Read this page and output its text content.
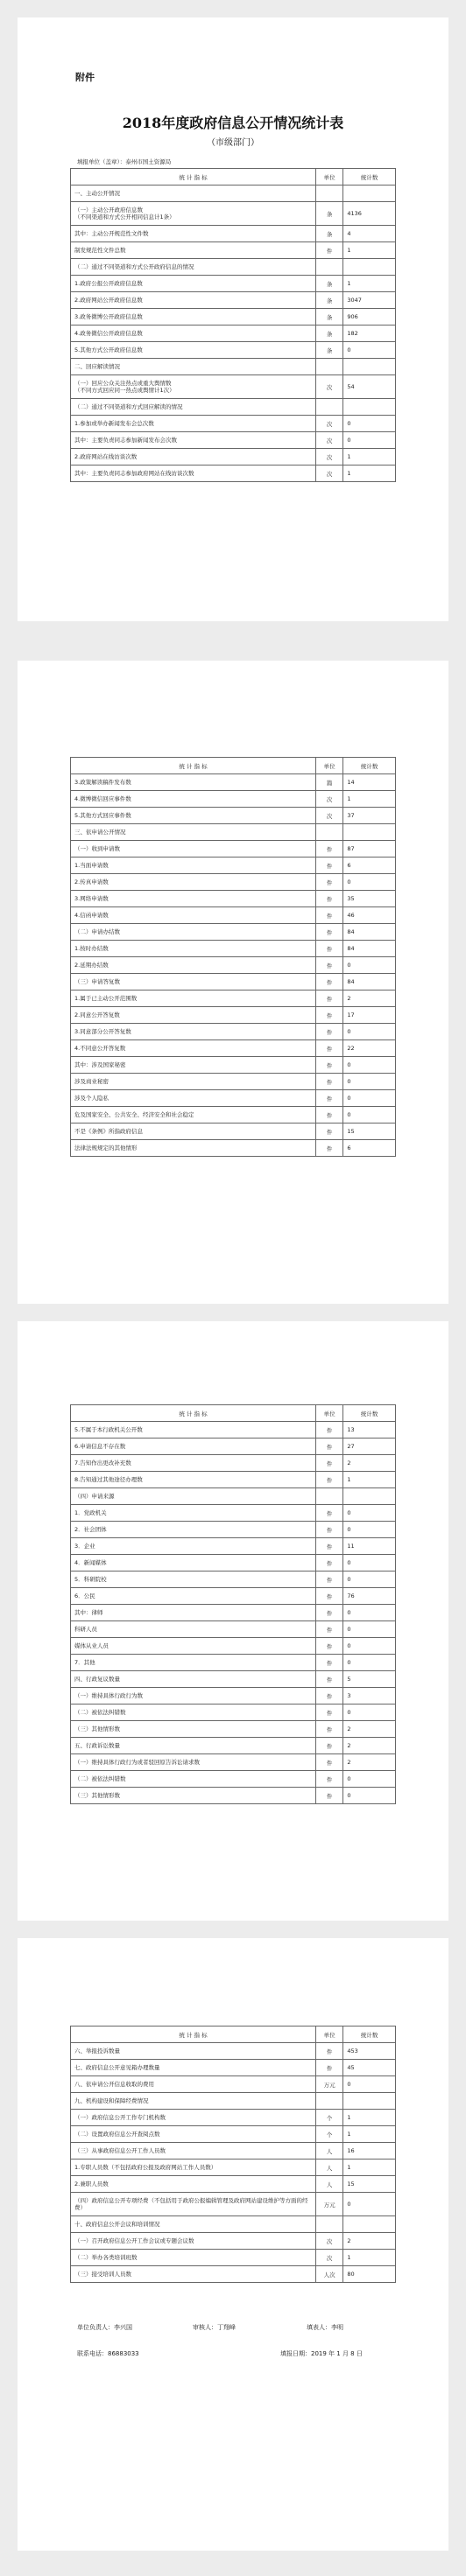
附件
2018年度政府信息公开情况统计表
（市级部门）
填报单位（盖章）：泰州市国土资源局
统 计 指 标	单位	统计数
一、主动公开情况		
（一）主动公开政府信息数
（不同渠道和方式公开相同信息计1条）	条	4136
其中：主动公开规范性文件数	条	4
制发规范性文件总数	件	1
（二）通过不同渠道和方式公开政府信息的情况		
1.政府公报公开政府信息数	条	1
2.政府网站公开政府信息数	条	3047
3.政务微博公开政府信息数	条	906
4.政务微信公开政府信息数	条	182
5.其他方式公开政府信息数	条	0
二、回应解读情况		
（一）回应公众关注热点或重大舆情数
（不同方式回应同一热点或舆情计1次）	次	54
（二）通过不同渠道和方式回应解读的情况		
1.参加或举办新闻发布会总次数	次	0
其中：主要负责同志参加新闻发布会次数	次	0
2.政府网站在线访谈次数	次	1
其中：主要负责同志参加政府网站在线访谈次数	次	1
统 计 指 标	单位	统计数
3.政策解读稿件发布数	篇	14
4.微博微信回应事件数	次	1
5.其他方式回应事件数	次	37
三、依申请公开情况		
（一）收到申请数	件	87
1.当面申请数	件	6
2.传真申请数	件	0
3.网络申请数	件	35
4.信函申请数	件	46
（二）申请办结数	件	84
1.按时办结数	件	84
2.延期办结数	件	0
（三）申请答复数	件	84
1.属于已主动公开范围数	件	2
2.同意公开答复数	件	17
3.同意部分公开答复数	件	0
4.不同意公开答复数	件	22
其中：涉及国家秘密	件	0
涉及商业秘密	件	0
涉及个人隐私	件	0
危及国家安全、公共安全、经济安全和社会稳定	件	0
不是《条例》所指政府信息	件	15
法律法规规定的其他情形	件	6
统 计 指 标	单位	统计数
5.不属于本行政机关公开数	件	13
6.申请信息不存在数	件	27
7.告知作出更改补充数	件	2
8.告知通过其他途径办理数	件	1
（四）申请来源		
1．党政机关	件	0
2．社会团体	件	0
3．企业	件	11
4．新闻媒体	件	0
5．科研院校	件	0
6．公民	件	76
其中：律师	件	0
科研人员	件	0
媒体从业人员	件	0
7．其他	件	0
四、行政复议数量	件	5
（一）维持具体行政行为数	件	3
（二）被依法纠错数	件	0
（三）其他情形数	件	2
五、行政诉讼数量	件	2
（一）维持具体行政行为或者驳回原告诉讼请求数	件	2
（二）被依法纠错数	件	0
（三）其他情形数	件	0
统 计 指 标	单位	统计数
六、举报投诉数量	件	453
七、政府信息公开意见箱办理数量	件	45
八、依申请公开信息收取的费用	万元	0
九、机构建设和保障经费情况		
（一）政府信息公开工作专门机构数	个	1
（二）设置政府信息公开查阅点数	个	1
（三）从事政府信息公开工作人员数	人	16
1.专职人员数（不包括政府公报及政府网站工作人员数）	人	1
2.兼职人员数	人	15
（四）政府信息公开专项经费（不包括用于政府公报编辑管理及政府网站建设维护等方面的经费）	万元	0
十、政府信息公开会议和培训情况		
（一）召开政府信息公开工作会议或专题会议数	次	2
（二）举办各类培训班数	次	1
（三）接受培训人员数	人次	80
单位负责人：李兴国	审核人：丁翔峰	填表人：李明
联系电话：86883033	填报日期：2019 年 1 月 8 日
